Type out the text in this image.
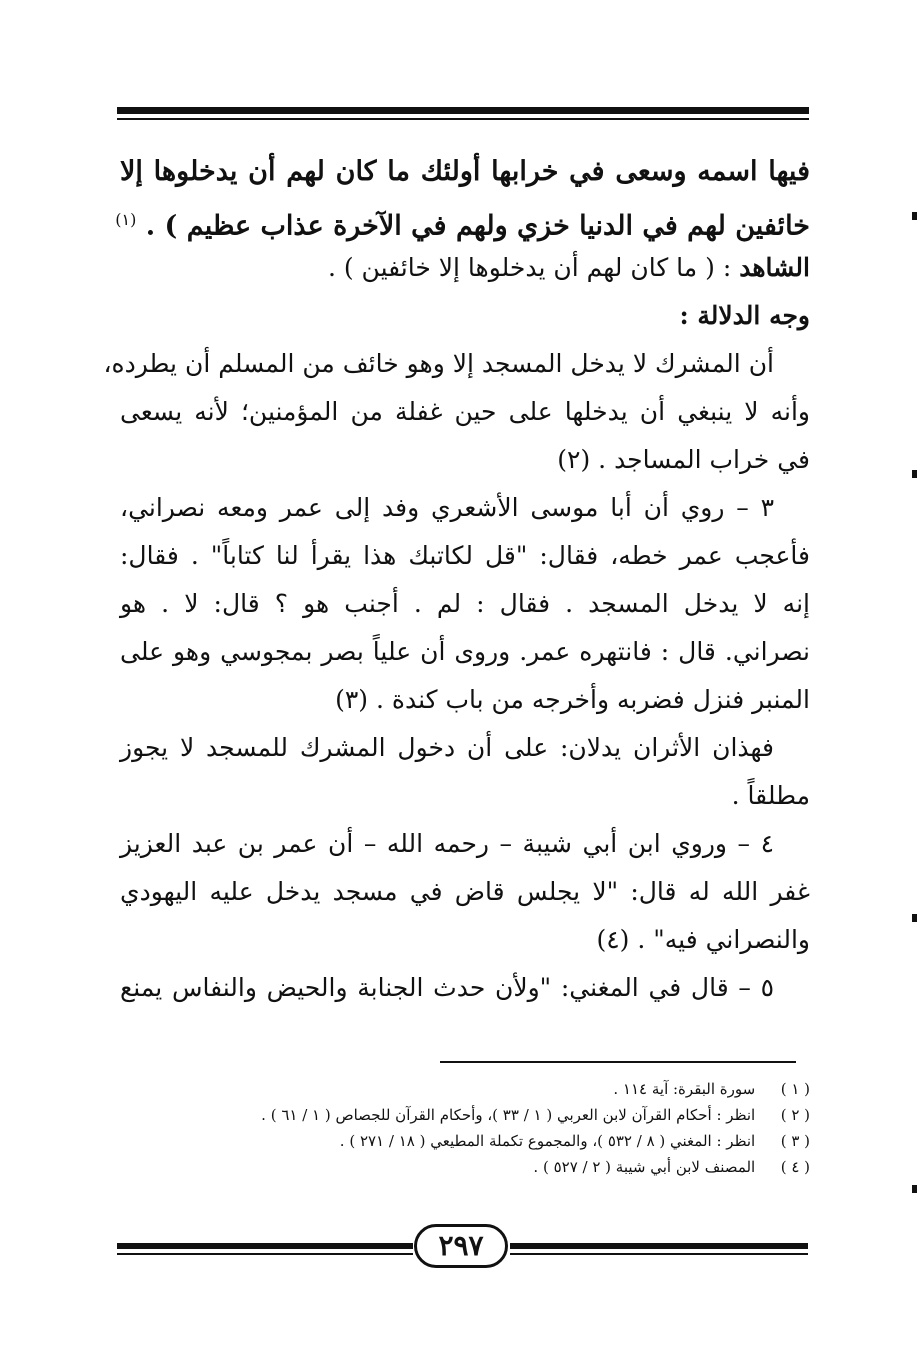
فيها اسمه وسعى في خرابها أولئك ما كان لهم أن يدخلوها إلا
خائفين لهم في الدنيا خزي ولهم في الآخرة عذاب عظيم ) . $^{(١)}$
الشاهد : ( ما كان لهم أن يدخلوها إلا خائفين ) .
وجه الدلالة :
أن المشرك لا يدخل المسجد إلا وهو خائف من المسلم أن يطرده،
وأنه لا ينبغي أن يدخلها على حين غفلة من المؤمنين؛ لأنه يسعى
في خراب المساجد . (٢)
٣ – روي أن أبا موسى الأشعري وفد إلى عمر ومعه نصراني،
فأعجب عمر خطه، فقال: "قل لكاتبك هذا يقرأ لنا كتاباً" . فقال:
إنه لا يدخل المسجد . فقال : لم . أجنب هو ؟ قال: لا . هو
نصراني. قال : فانتهره عمر. وروى أن علياً بصر بمجوسي وهو على
المنبر فنزل فضربه وأخرجه من باب كندة . (٣)
فهذان الأثران يدلان: على أن دخول المشرك للمسجد لا يجوز
مطلقاً .
٤ – وروي ابن أبي شيبة – رحمه الله – أن عمر بن عبد العزيز
غفر الله له قال: "لا يجلس قاض في مسجد يدخل عليه اليهودي
والنصراني فيه" . (٤)
٥ – قال في المغني: "ولأن حدث الجنابة والحيض والنفاس يمنع
( ١ ) سورة البقرة: آية ١١٤ .
( ٢ ) انظر : أحكام القرآن لابن العربي ( ١ / ٣٣ )، وأحكام القرآن للجصاص ( ١ / ٦١ ) .
( ٣ ) انظر : المغني ( ٨ / ٥٣٢ )، والمجموع تكملة المطيعي ( ١٨ / ٢٧١ ) .
( ٤ ) المصنف لابن أبي شيبة ( ٢ / ٥٢٧ ) .
٢٩٧
